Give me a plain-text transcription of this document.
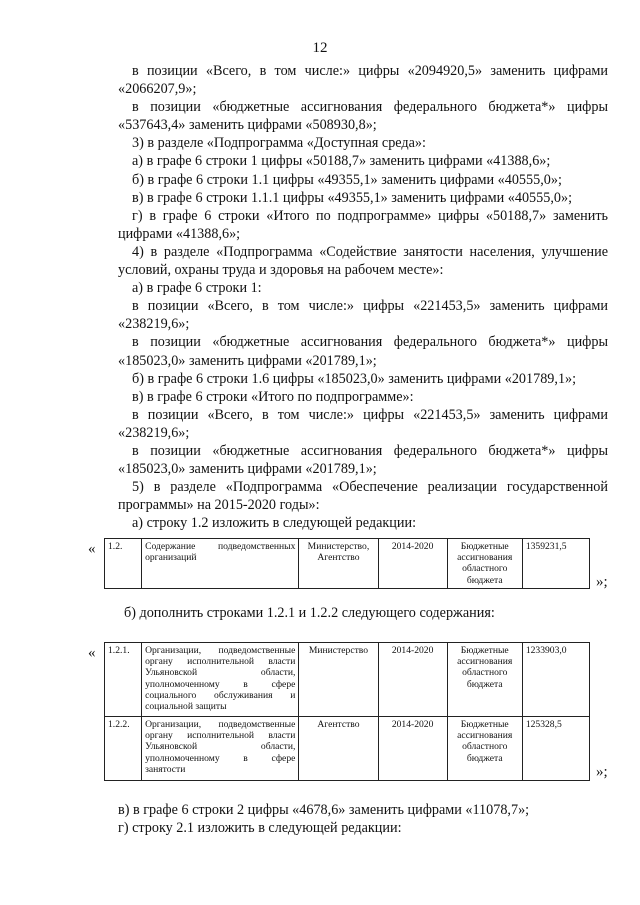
12

в позиции «Всего, в том числе:» цифры «2094920,5» заменить цифрами «2066207,9»;

в позиции «бюджетные ассигнования федерального бюджета*» цифры «537643,4» заменить цифрами «508930,8»;

3) в разделе «Подпрограмма «Доступная среда»:

а) в графе 6 строки 1 цифры «50188,7» заменить цифрами «41388,6»;

б) в графе 6 строки 1.1 цифры «49355,1» заменить цифрами «40555,0»;

в) в графе 6 строки 1.1.1 цифры «49355,1» заменить цифрами «40555,0»;

г) в графе 6 строки «Итого по подпрограмме» цифры «50188,7» заменить цифрами «41388,6»;

4) в разделе «Подпрограмма «Содействие занятости населения, улучшение условий, охраны труда и здоровья на рабочем месте»:

а) в графе 6 строки 1:

в позиции «Всего, в том числе:» цифры «221453,5» заменить цифрами «238219,6»;

в позиции «бюджетные ассигнования федерального бюджета*» цифры «185023,0» заменить цифрами «201789,1»;

б) в графе 6 строки 1.6 цифры «185023,0» заменить цифрами «201789,1»;

в) в графе 6 строки «Итого по подпрограмме»:

в позиции «Всего, в том числе:» цифры «221453,5» заменить цифрами «238219,6»;

в позиции «бюджетные ассигнования федерального бюджета*» цифры «185023,0» заменить цифрами «201789,1»;

5) в разделе «Подпрограмма «Обеспечение реализации государственной программы» на 2015-2020 годы»:

а) строку 1.2 изложить в следующей редакции:

« 1.2.	Содержание подведомственных организаций	Министерство, Агентство	2014-2020	Бюджетные ассигнования областного бюджета	1359231,5
»;
б) дополнить строками 1.2.1 и 1.2.2 следующего содержания:
« 1.2.1.	Организации, подведомственные органу исполнительной власти Ульяновской области, уполномоченному в сфере социального обслуживания и социальной защиты	Министерство	2014-2020	Бюджетные ассигнования областного бюджета	1233903,0
1.2.2.	Организации, подведомственные органу исполнительной власти Ульяновской области, уполномоченному в сфере занятости	Агентство	2014-2020	Бюджетные ассигнования областного бюджета	125328,5
»;

в) в графе 6 строки 2 цифры «4678,6» заменить цифрами «11078,7»;

г) строку 2.1 изложить в следующей редакции:
